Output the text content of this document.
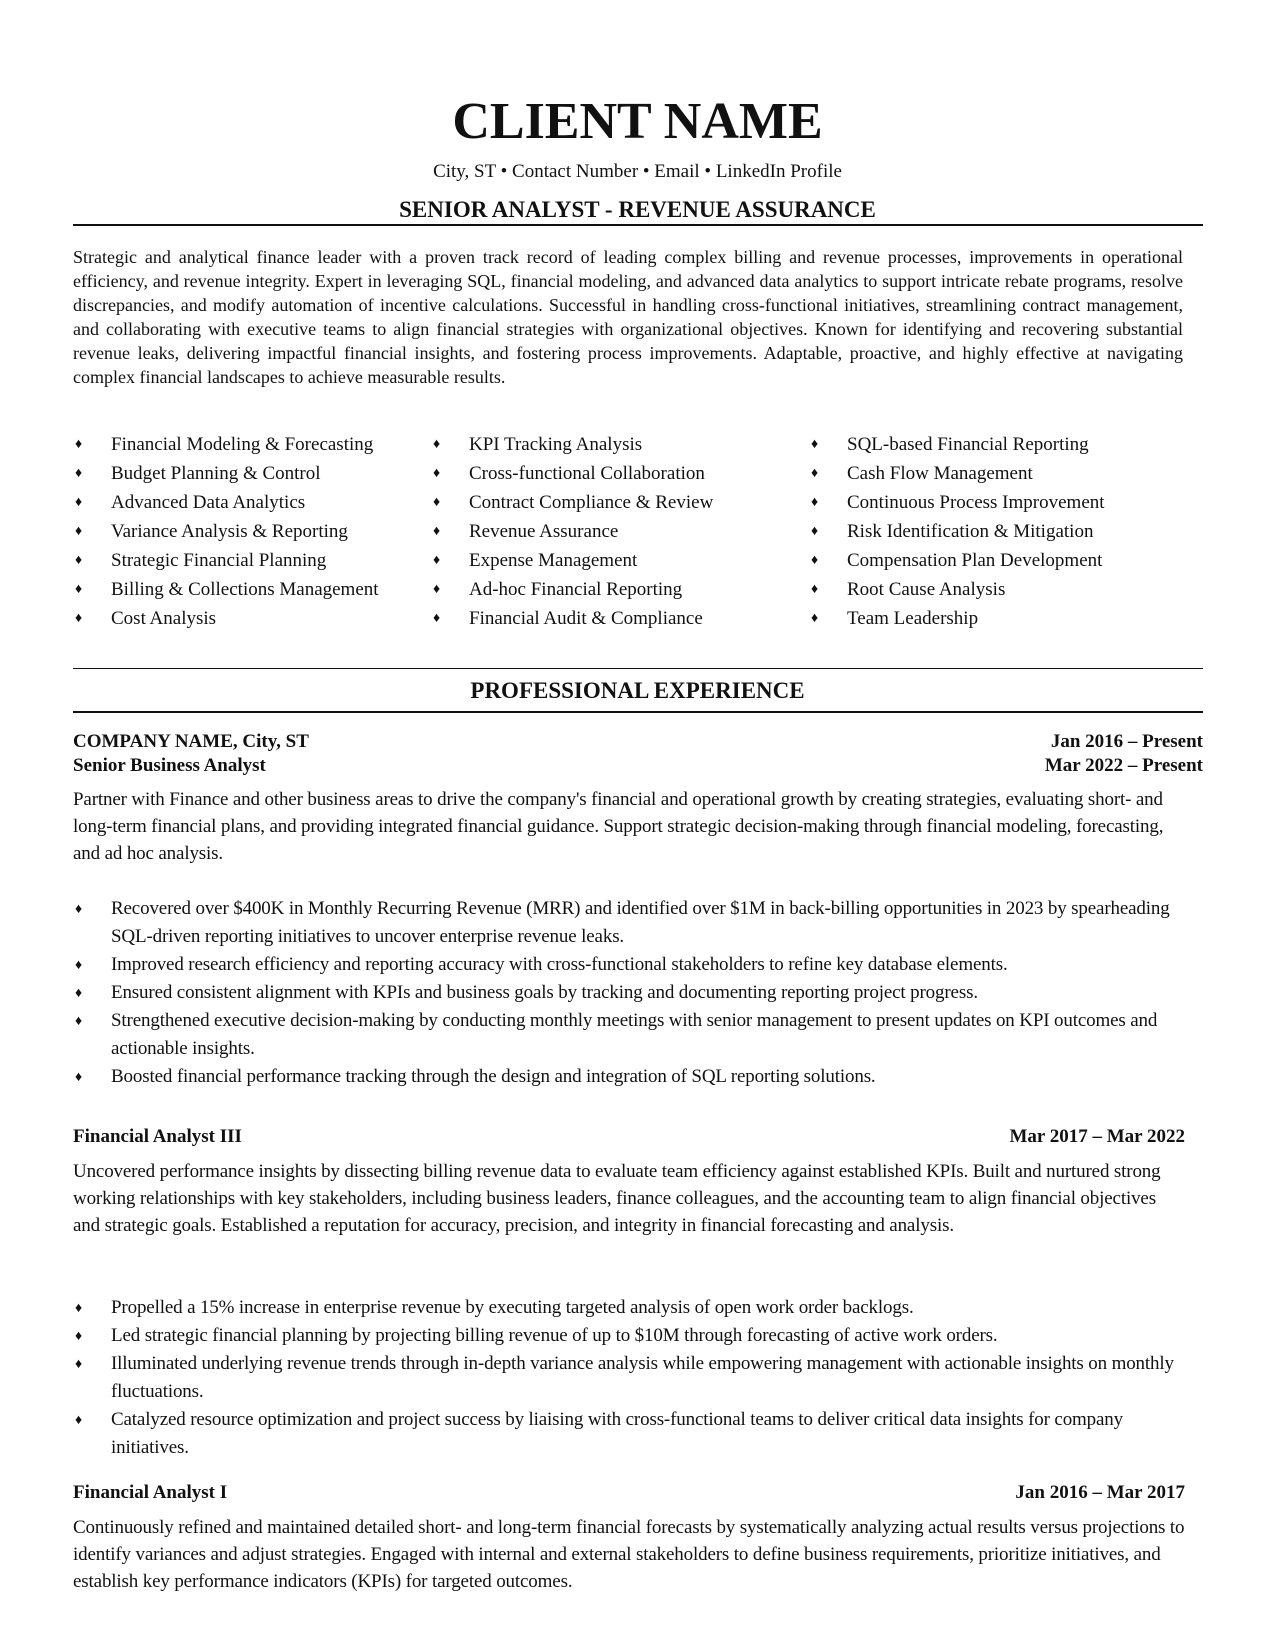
CLIENT NAME
City, ST • Contact Number • Email • LinkedIn Profile
SENIOR ANALYST - REVENUE ASSURANCE

Strategic and analytical finance leader with a proven track record of leading complex billing and revenue processes, improvements in operational efficiency, and revenue integrity. Expert in leveraging SQL, financial modeling, and advanced data analytics to support intricate rebate programs, resolve discrepancies, and modify automation of incentive calculations. Successful in handling cross-functional initiatives, streamlining contract management, and collaborating with executive teams to align financial strategies with organizational objectives. Known for identifying and recovering substantial revenue leaks, delivering impactful financial insights, and fostering process improvements. Adaptable, proactive, and highly effective at navigating complex financial landscapes to achieve measurable results.

♦ Financial Modeling & Forecasting
♦ Budget Planning & Control
♦ Advanced Data Analytics
♦ Variance Analysis & Reporting
♦ Strategic Financial Planning
♦ Billing & Collections Management
♦ Cost Analysis
♦ KPI Tracking Analysis
♦ Cross-functional Collaboration
♦ Contract Compliance & Review
♦ Revenue Assurance
♦ Expense Management
♦ Ad-hoc Financial Reporting
♦ Financial Audit & Compliance
♦ SQL-based Financial Reporting
♦ Cash Flow Management
♦ Continuous Process Improvement
♦ Risk Identification & Mitigation
♦ Compensation Plan Development
♦ Root Cause Analysis
♦ Team Leadership
PROFESSIONAL EXPERIENCE
COMPANY NAME, City, ST	Jan 2016 – Present
Senior Business Analyst	Mar 2022 – Present

Partner with Finance and other business areas to drive the company's financial and operational growth by creating strategies, evaluating short- and long-term financial plans, and providing integrated financial guidance. Support strategic decision-making through financial modeling, forecasting, and ad hoc analysis.

♦ Recovered over $400K in Monthly Recurring Revenue (MRR) and identified over $1M in back-billing opportunities in 2023 by spearheading SQL-driven reporting initiatives to uncover enterprise revenue leaks.
♦ Improved research efficiency and reporting accuracy with cross-functional stakeholders to refine key database elements.
♦ Ensured consistent alignment with KPIs and business goals by tracking and documenting reporting project progress.
♦ Strengthened executive decision-making by conducting monthly meetings with senior management to present updates on KPI outcomes and actionable insights.
♦ Boosted financial performance tracking through the design and integration of SQL reporting solutions.
Financial Analyst III	Mar 2017 – Mar 2022

Uncovered performance insights by dissecting billing revenue data to evaluate team efficiency against established KPIs. Built and nurtured strong working relationships with key stakeholders, including business leaders, finance colleagues, and the accounting team to align financial objectives and strategic goals. Established a reputation for accuracy, precision, and integrity in financial forecasting and analysis.

♦ Propelled a 15% increase in enterprise revenue by executing targeted analysis of open work order backlogs.
♦ Led strategic financial planning by projecting billing revenue of up to $10M through forecasting of active work orders.
♦ Illuminated underlying revenue trends through in-depth variance analysis while empowering management with actionable insights on monthly fluctuations.
♦ Catalyzed resource optimization and project success by liaising with cross-functional teams to deliver critical data insights for company initiatives.
Financial Analyst I	Jan 2016 – Mar 2017

Continuously refined and maintained detailed short- and long-term financial forecasts by systematically analyzing actual results versus projections to identify variances and adjust strategies. Engaged with internal and external stakeholders to define business requirements, prioritize initiatives, and establish key performance indicators (KPIs) for targeted outcomes.
